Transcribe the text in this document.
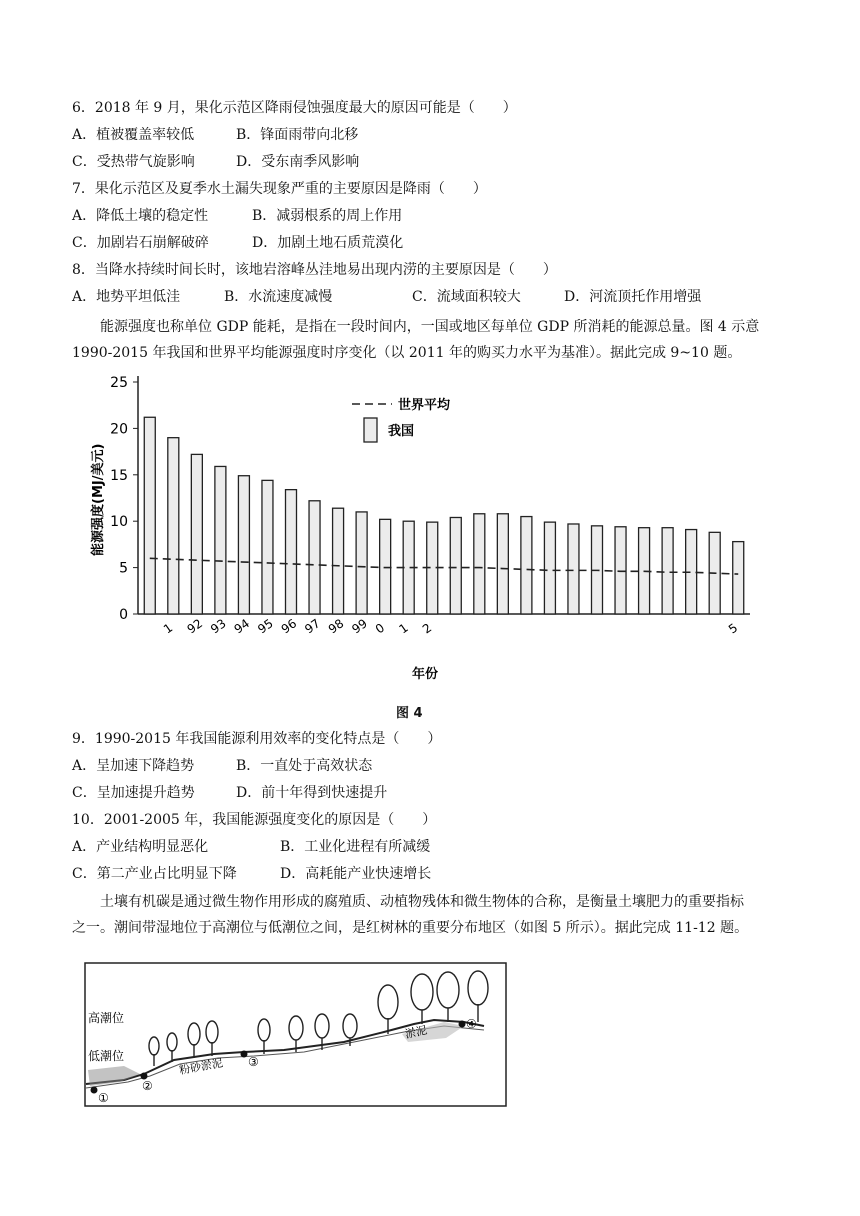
6．2018 年 9 月，果化示范区降雨侵蚀强度最大的原因可能是（　　）
A．植被覆盖率较低	B．锋面雨带向北移
C．受热带气旋影响	D．受东南季风影响
7．果化示范区及夏季水土漏失现象严重的主要原因是降雨（　　）
A．降低土壤的稳定性	B．减弱根系的周上作用
C．加剧岩石崩解破碎	D．加剧土地石质荒漠化
8．当降水持续时间长时，该地岩溶峰丛洼地易出现内涝的主要原因是（　　）
A．地势平坦低洼	B．水流速度减慢	C．流域面积较大	D．河流顶托作用增强
能源强度也称单位 GDP 能耗，是指在一段时间内，一国或地区每单位 GDP 所消耗的能源总量。图 4 示意
1990-2015 年我国和世界平均能源强度时序变化（以 2011 年的购买力水平为基准）。据此完成 9~10 题。
0
5
10
15
20
25
1 92 93 94 95 96 97 98 99 0 1 2	5
能源强度(MJ/美元)
年份
世界平均
我国
图 4
9．1990-2015 年我国能源利用效率的变化特点是（　　）
A．呈加速下降趋势	B．一直处于高效状态
C．呈加速提升趋势	D．前十年得到快速提升
10．2001-2005 年，我国能源强度变化的原因是（　　）
A．产业结构明显恶化	B．工业化进程有所减缓
C．第二产业占比明显下降	D．高耗能产业快速增长
土壤有机碳是通过微生物作用形成的腐殖质、动植物残体和微生物体的合称，是衡量土壤肥力的重要指标
之一。潮间带湿地位于高潮位与低潮位之间，是红树林的重要分布地区（如图 5 所示）。据此完成 11-12 题。
高潮位
低潮位
粉砂淤泥
淤泥
①
②
③
④
